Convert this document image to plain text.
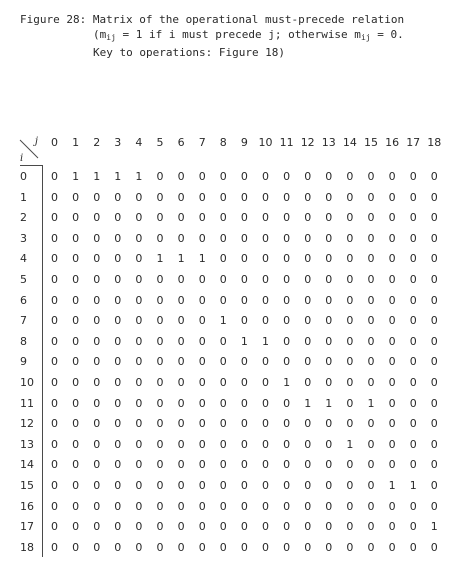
Figure 28: Matrix of the operational must-precede relation
($m_{ij} = 1$ if i must precede j; otherwise $m_{ij} = 0$.
Key to operations: Figure 18)
j
i
0	1	2	3	4	5	6	7	8	9 10 11 12 13 14 15 16 17 18
0	0	1	1	1	1	0	0	0	0	0	0	0	0	0	0	0	0	0	0
1	0	0	0	0	0	0	0	0	0	0	0	0	0	0	0	0	0	0	0
2	0	0	0	0	0	0	0	0	0	0	0	0	0	0	0	0	0	0	0
3	0	0	0	0	0	0	0	0	0	0	0	0	0	0	0	0	0	0	0
4	0	0	0	0	0	1	1	1	0	0	0	0	0	0	0	0	0	0	0
5	0	0	0	0	0	0	0	0	0	0	0	0	0	0	0	0	0	0	0
6	0	0	0	0	0	0	0	0	0	0	0	0	0	0	0	0	0	0	0
7	0	0	0	0	0	0	0	0	1	0	0	0	0	0	0	0	0	0	0
8	0	0	0	0	0	0	0	0	0	1	1	0	0	0	0	0	0	0	0
9	0	0	0	0	0	0	0	0	0	0	0	0	0	0	0	0	0	0	0
10	0	0	0	0	0	0	0	0	0	0	0	1	0	0	0	0	0	0	0
11	0	0	0	0	0	0	0	0	0	0	0	0	1	1	0	1	0	0	0
12	0	0	0	0	0	0	0	0	0	0	0	0	0	0	0	0	0	0	0
13	0	0	0	0	0	0	0	0	0	0	0	0	0	0	1	0	0	0	0
14	0	0	0	0	0	0	0	0	0	0	0	0	0	0	0	0	0	0	0
15	0	0	0	0	0	0	0	0	0	0	0	0	0	0	0	0	1	1	0
16	0	0	0	0	0	0	0	0	0	0	0	0	0	0	0	0	0	0	0
17	0	0	0	0	0	0	0	0	0	0	0	0	0	0	0	0	0	0	1
18	0	0	0	0	0	0	0	0	0	0	0	0	0	0	0	0	0	0	0
